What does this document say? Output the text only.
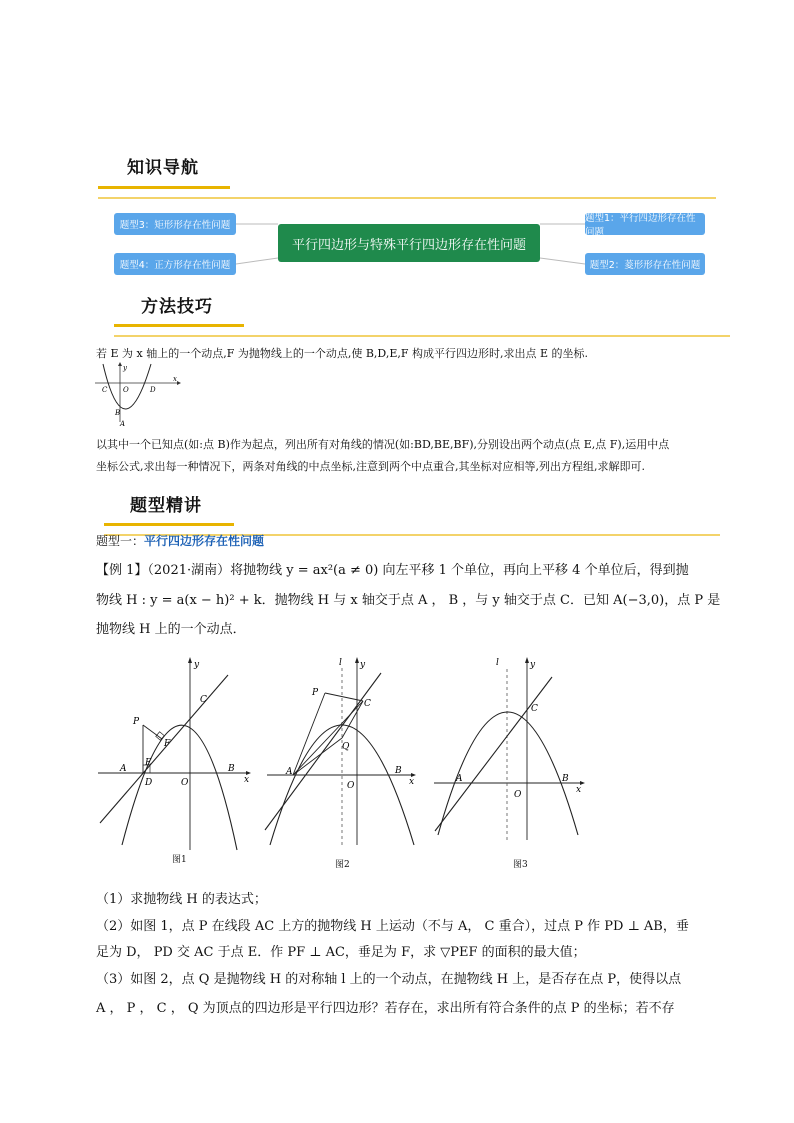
知识导航
题型3：矩形形存在性问题
题型4：正方形存在性问题
平行四边形与特殊平行四边形存在性问题
题型1：平行四边形存在性问题
题型2：菱形形存在性问题
方法技巧
若 E 为 x 轴上的一个动点,F 为抛物线上的一个动点,使 B,D,E,F 构成平行四边形时,求出点 E 的坐标.
y
x
C O	D
B
A
以其中一个已知点(如:点 B)作为起点，列出所有对角线的情况(如:BD,BE,BF),分别设出两个动点(点 E,点 F),运用中点
坐标公式,求出每一种情况下，两条对角线的中点坐标,注意到两个中点重合,其坐标对应相等,列出方程组,求解即可.
题型精讲
题型一：平行四边形存在性问题
【例 1】（2021·湖南）将抛物线 y = ax²(a ≠ 0) 向左平移 1 个单位，再向上平移 4 个单位后，得到抛
物线 H : y = a(x − h)² + k．抛物线 H 与 x 轴交于点 A ， B ，与 y 轴交于点 C．已知 A(−3,0)，点 P 是
抛物线 H 上的一个动点．
y
x
C
P
F
A
E
D	O
B
图1
l y
x
P
C
Q
A
O
B
图2
l	y
x
C
A
O
B
图3
（1）求抛物线 H 的表达式；
（2）如图 1，点 P 在线段 AC 上方的抛物线 H 上运动（不与 A， C 重合），过点 P 作 PD ⊥ AB，垂
足为 D， PD 交 AC 于点 E．作 PF ⊥ AC，垂足为 F，求 ▽PEF 的面积的最大值；
（3）如图 2，点 Q 是抛物线 H 的对称轴 l 上的一个动点，在抛物线 H 上，是否存在点 P，使得以点
A ， P ， C ， Q 为顶点的四边形是平行四边形？若存在，求出所有符合条件的点 P 的坐标；若不存
